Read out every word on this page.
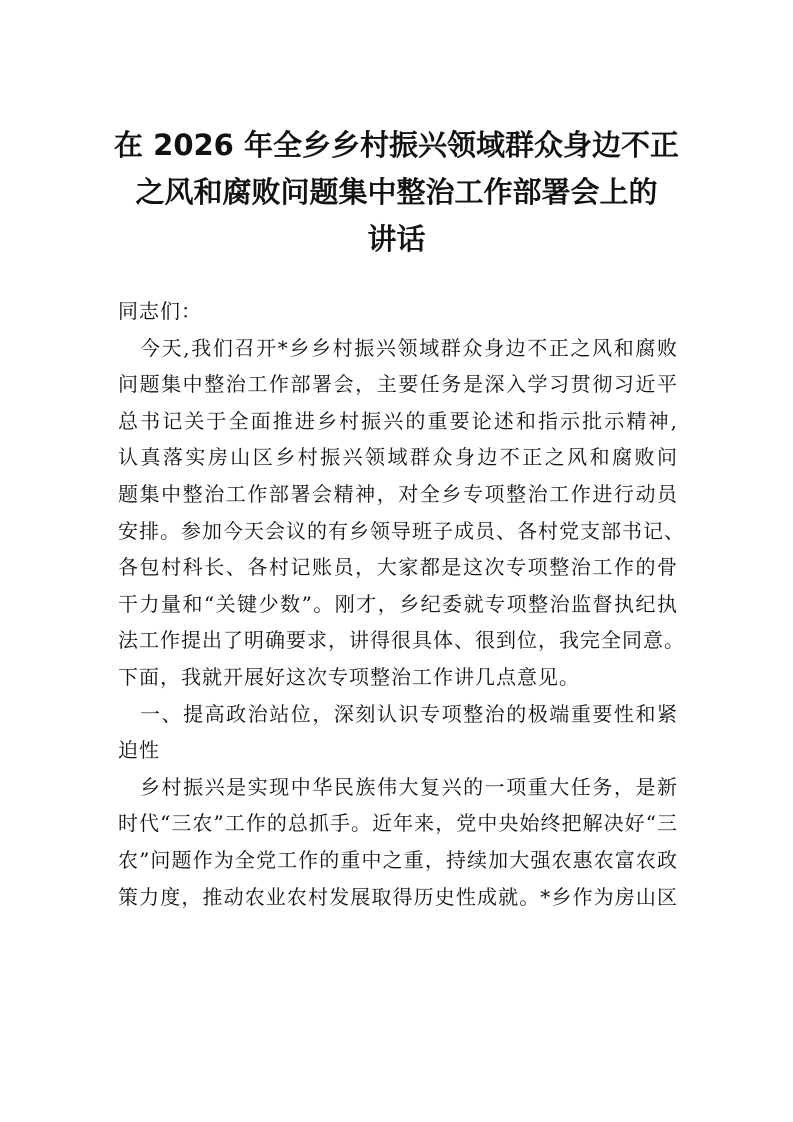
在 2026 年全乡乡村振兴领域群众身边不正
之风和腐败问题集中整治工作部署会上的
讲话
同志们：
今天,我们召开*乡乡村振兴领域群众身边不正之风和腐败
问题集中整治工作部署会，主要任务是深入学习贯彻习近平
总书记关于全面推进乡村振兴的重要论述和指示批示精神,
认真落实房山区乡村振兴领域群众身边不正之风和腐败问
题集中整治工作部署会精神，对全乡专项整治工作进行动员
安排。参加今天会议的有乡领导班子成员、各村党支部书记、
各包村科长、各村记账员，大家都是这次专项整治工作的骨
干力量和“关键少数”。刚才，乡纪委就专项整治监督执纪执
法工作提出了明确要求，讲得很具体、很到位，我完全同意。
下面，我就开展好这次专项整治工作讲几点意见。
一、提高政治站位，深刻认识专项整治的极端重要性和紧
迫性
乡村振兴是实现中华民族伟大复兴的一项重大任务，是新
时代“三农”工作的总抓手。近年来，党中央始终把解决好“三
农”问题作为全党工作的重中之重，持续加大强农惠农富农政
策力度，推动农业农村发展取得历史性成就。*乡作为房山区
